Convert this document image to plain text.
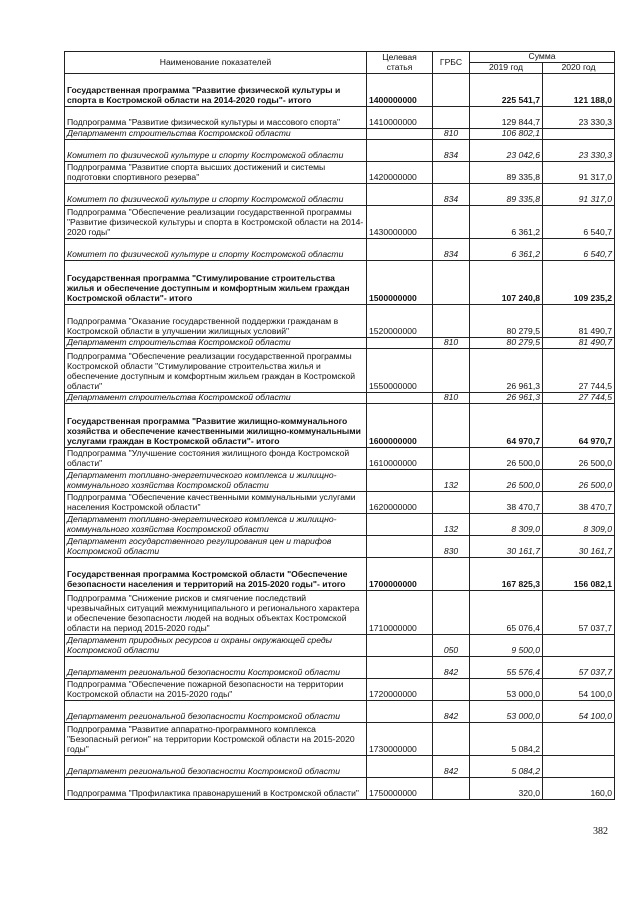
Наименование показателей	Целевая статья	ГРБС	Сумма	
			2019 год	2020 год
Государственная программа "Развитие физической культуры и спорта в Костромской области на 2014-2020 годы"- итого	1400000000		225 541,7	121 188,0
Подпрограмма "Развитие физической культуры и массового спорта"	1410000000		129 844,7	23 330,3
Департамент строительства Костромской области		810	106 802,1	
Комитет по физической культуре и спорту Костромской области		834	23 042,6	23 330,3
Подпрограмма "Развитие спорта высших достижений и системы подготовки спортивного резерва"	1420000000		89 335,8	91 317,0
Комитет по физической культуре и спорту Костромской области		834	89 335,8	91 317,0
Подпрограмма "Обеспечение реализации государственной программы "Развитие физической культуры и спорта в Костромской области на 2014-2020 годы"	1430000000		6 361,2	6 540,7
Комитет по физической культуре и спорту Костромской области		834	6 361,2	6 540,7
Государственная программа "Стимулирование строительства жилья и обеспечение доступным и комфортным жильем граждан Костромской области"- итого	1500000000		107 240,8	109 235,2
Подпрограмма "Оказание государственной поддержки гражданам в Костромской области в улучшении жилищных условий"	1520000000		80 279,5	81 490,7
Департамент строительства Костромской области		810	80 279,5	81 490,7
Подпрограмма "Обеспечение реализации государственной программы Костромской области "Стимулирование строительства жилья и обеспечение доступным и комфортным жильем граждан в Костромской области"	1550000000		26 961,3	27 744,5
Департамент строительства Костромской области		810	26 961,3	27 744,5
Государственная программа "Развитие жилищно-коммунального хозяйства и обеспечение качественными жилищно-коммунальными услугами граждан в Костромской области"- итого	1600000000		64 970,7	64 970,7
Подпрограмма "Улучшение состояния жилищного фонда Костромской области"	1610000000		26 500,0	26 500,0
Департамент топливно-энергетического комплекса и жилищно-коммунального хозяйства Костромской области		132	26 500,0	26 500,0
Подпрограмма "Обеспечение качественными коммунальными услугами населения Костромской области"	1620000000		38 470,7	38 470,7
Департамент топливно-энергетического комплекса и жилищно-коммунального хозяйства Костромской области		132	8 309,0	8 309,0
Департамент государственного регулирования цен и тарифов Костромской области		830	30 161,7	30 161,7
Государственная программа Костромской области "Обеспечение безопасности населения и территорий на 2015-2020 годы"- итого	1700000000		167 825,3	156 082,1
Подпрограмма "Снижение рисков и смягчение последствий чрезвычайных ситуаций межмуниципального и регионального характера и обеспечение безопасности людей на водных объектах Костромской области на период 2015-2020 годы"	1710000000		65 076,4	57 037,7
Департамент природных ресурсов и охраны окружающей среды Костромской области		050	9 500,0	
Департамент региональной безопасности Костромской области		842	55 576,4	57 037,7
Подпрограмма "Обеспечение пожарной безопасности на территории Костромской области на 2015-2020 годы"	1720000000		53 000,0	54 100,0
Департамент региональной безопасности Костромской области		842	53 000,0	54 100,0
Подпрограмма "Развитие аппаратно-программного комплекса "Безопасный регион" на территории Костромской области на 2015-2020 годы"	1730000000		5 084,2	
Департамент региональной безопасности Костромской области		842	5 084,2	
Подпрограмма "Профилактика правонарушений в Костромской области"	1750000000		320,0	160,0
382
